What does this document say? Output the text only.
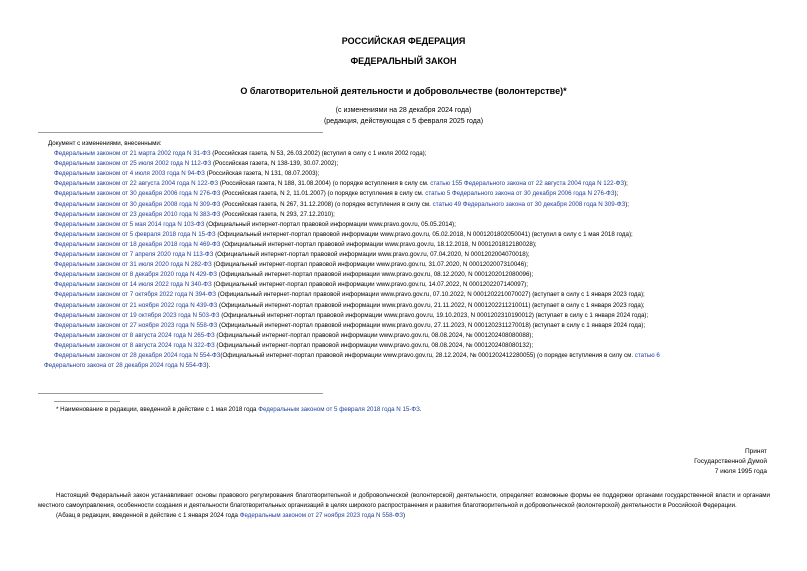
РОССИЙСКАЯ ФЕДЕРАЦИЯ
ФЕДЕРАЛЬНЫЙ ЗАКОН
О благотворительной деятельности и добровольчестве (волонтерстве)*
(с изменениями на 28 декабря 2024 года)
(редакция, действующая с 5 февраля 2025 года)
Документ с изменениями, внесенными:
Федеральным законом от 21 марта 2002 года N 31-ФЗ (Российская газета, N 53, 26.03.2002) (вступил в силу с 1 июля 2002 года);
Федеральным законом от 25 июля 2002 года N 112-ФЗ (Российская газета, N 138-139, 30.07.2002);
Федеральным законом от 4 июля 2003 года N 94-ФЗ (Российская газета, N 131, 08.07.2003);
Федеральным законом от 22 августа 2004 года N 122-ФЗ (Российская газета, N 188, 31.08.2004) (о порядке вступления в силу см. статью 155 Федерального закона от 22 августа 2004 года N 122-ФЗ);
Федеральным законом от 30 декабря 2006 года N 276-ФЗ (Российская газета, N 2, 11.01.2007) (о порядке вступления в силу см. статью 5 Федерального закона от 30 декабря 2006 года N 276-ФЗ);
Федеральным законом от 30 декабря 2008 года N 309-ФЗ (Российская газета, N 267, 31.12.2008) (о порядке вступления в силу см. статью 49 Федерального закона от 30 декабря 2008 года N 309-ФЗ);
Федеральным законом от 23 декабря 2010 года N 383-ФЗ (Российская газета, N 293, 27.12.2010);
Федеральным законом от 5 мая 2014 года N 103-ФЗ (Официальный интернет-портал правовой информации www.pravo.gov.ru, 05.05.2014);
Федеральным законом от 5 февраля 2018 года N 15-ФЗ (Официальный интернет-портал правовой информации www.pravo.gov.ru, 05.02.2018, N 0001201802050041) (вступил в силу с 1 мая 2018 года);
Федеральным законом от 18 декабря 2018 года N 469-ФЗ (Официальный интернет-портал правовой информации www.pravo.gov.ru, 18.12.2018, N 0001201812180028);
Федеральным законом от 7 апреля 2020 года N 113-ФЗ (Официальный интернет-портал правовой информации www.pravo.gov.ru, 07.04.2020, N 0001202004070018);
Федеральным законом от 31 июля 2020 года N 282-ФЗ (Официальный интернет-портал правовой информации www.pravo.gov.ru, 31.07.2020, N 0001202007310046);
Федеральным законом от 8 декабря 2020 года N 429-ФЗ (Официальный интернет-портал правовой информации www.pravo.gov.ru, 08.12.2020, N 0001202012080096);
Федеральным законом от 14 июля 2022 года N 340-ФЗ (Официальный интернет-портал правовой информации www.pravo.gov.ru, 14.07.2022, N 0001202207140097);
Федеральным законом от 7 октября 2022 года N 394-ФЗ (Официальный интернет-портал правовой информации www.pravo.gov.ru, 07.10.2022, N 0001202210070027) (вступает в силу с 1 января 2023 года);
Федеральным законом от 21 ноября 2022 года N 439-ФЗ (Официальный интернет-портал правовой информации www.pravo.gov.ru, 21.11.2022, N 0001202211210011) (вступает в силу с 1 января 2023 года);
Федеральным законом от 19 октября 2023 года N 503-ФЗ (Официальный интернет-портал правовой информации www.pravo.gov.ru, 19.10.2023, N 0001202310190012) (вступает в силу с 1 января 2024 года);
Федеральным законом от 27 ноября 2023 года N 558-ФЗ (Официальный интернет-портал правовой информации www.pravo.gov.ru, 27.11.2023, N 0001202311270018) (вступает в силу с 1 января 2024 года);
Федеральным законом от 8 августа 2024 года N 265-ФЗ (Официальный интернет-портал правовой информации www.pravo.gov.ru, 08.08.2024, № 0001202408080088);
Федеральным законом от 8 августа 2024 года N 322-ФЗ (Официальный интернет-портал правовой информации www.pravo.gov.ru, 08.08.2024, № 0001202408080132);
Федеральным законом от 28 декабря 2024 года N 554-ФЗ(Официальный интернет-портал правовой информации www.pravo.gov.ru, 28.12.2024, № 0001202412280055) (о порядке вступления в силу см. статью 6
Федерального закона от 28 декабря 2024 года N 554-ФЗ).
* Наименование в редакции, введенной в действие с 1 мая 2018 года Федеральным законом от 5 февраля 2018 года N 15-ФЗ.
Принят
Государственной Думой
7 июля 1995 года

Настоящий Федеральный закон устанавливает основы правового регулирования благотворительной и добровольческой (волонтерской) деятельности, определяет возможные формы ее поддержки органами государственной власти и органами местного самоуправления, особенности создания и деятельности благотворительных организаций в целях широкого распространения и развития благотворительной и добровольческой (волонтерской) деятельности в Российской Федерации.

(Абзац в редакции, введенной в действие с 1 января 2024 года Федеральным законом от 27 ноября 2023 года N 558-ФЗ)
